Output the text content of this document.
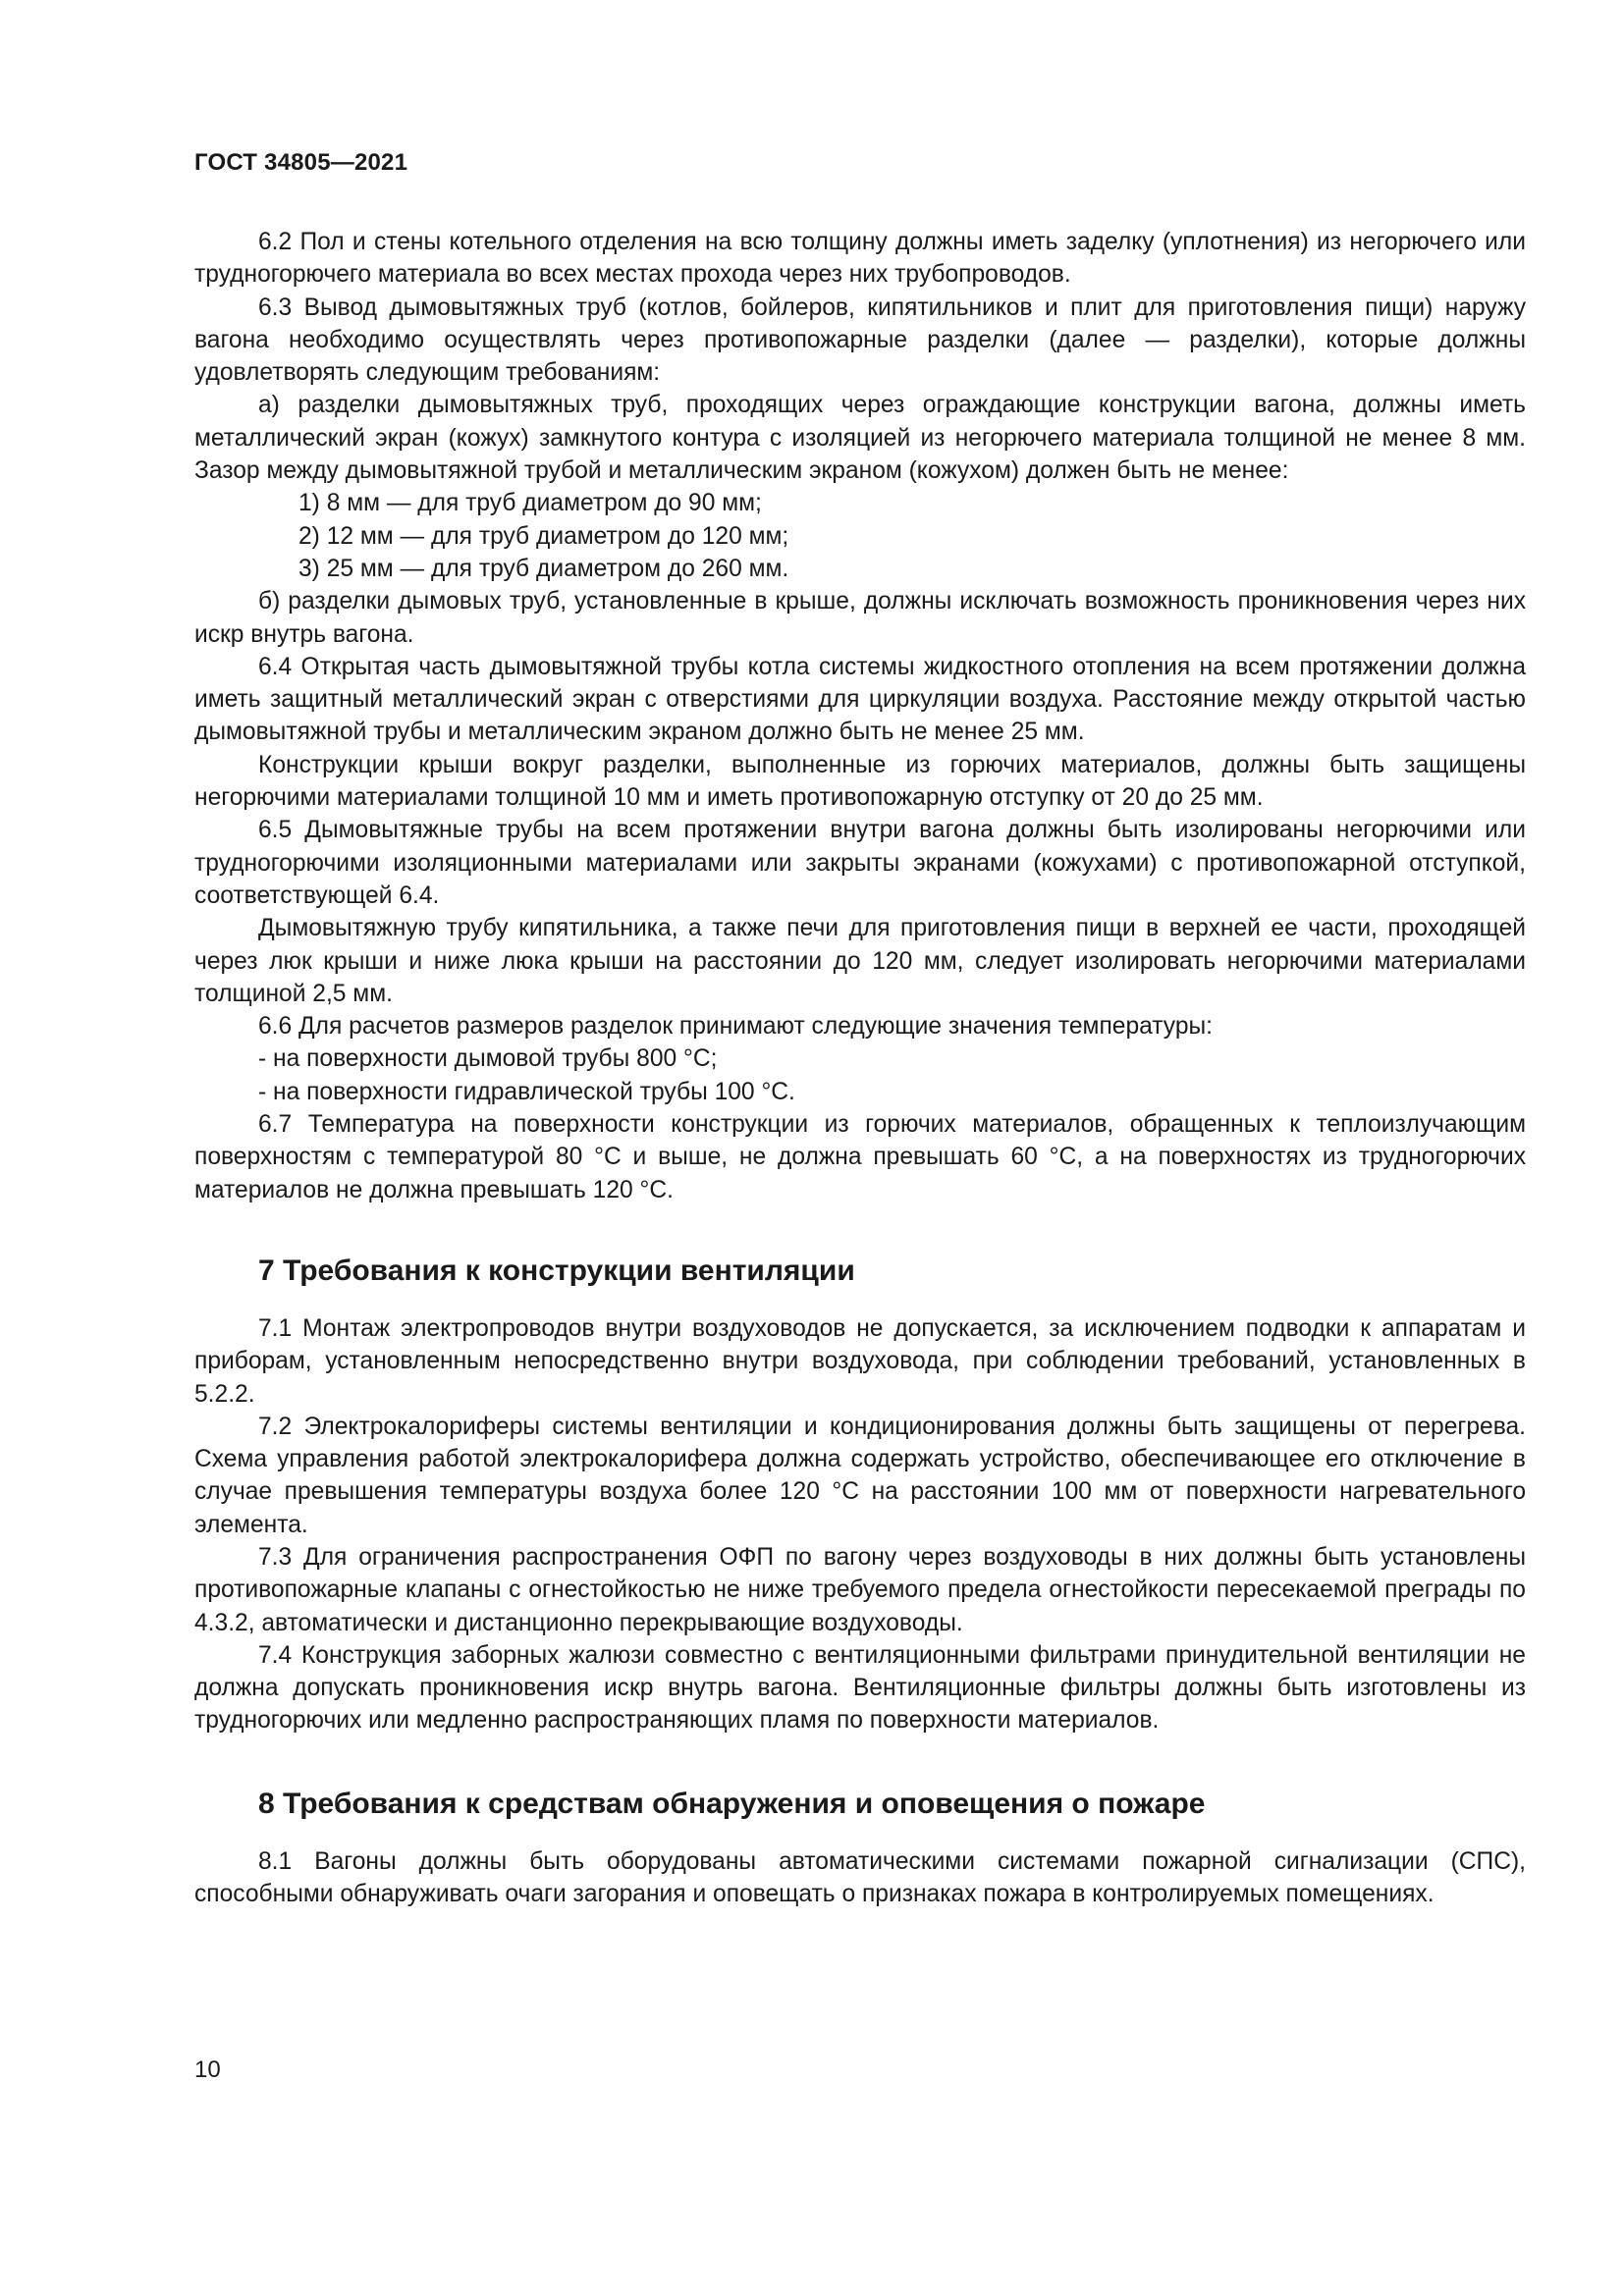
ГОСТ 34805—2021

6.2 Пол и стены котельного отделения на всю толщину должны иметь заделку (уплотнения) из негорючего или трудногорючего материала во всех местах прохода через них трубопроводов.

6.3 Вывод дымовытяжных труб (котлов, бойлеров, кипятильников и плит для приготовления пищи) наружу вагона необходимо осуществлять через противопожарные разделки (далее — разделки), которые должны удовлетворять следующим требованиям:

а) разделки дымовытяжных труб, проходящих через ограждающие конструкции вагона, должны иметь металлический экран (кожух) замкнутого контура с изоляцией из негорючего материала толщиной не менее 8 мм. Зазор между дымовытяжной трубой и металлическим экраном (кожухом) должен быть не менее:

1) 8 мм — для труб диаметром до 90 мм;

2) 12 мм — для труб диаметром до 120 мм;

3) 25 мм — для труб диаметром до 260 мм.

б) разделки дымовых труб, установленные в крыше, должны исключать возможность проникновения через них искр внутрь вагона.

6.4 Открытая часть дымовытяжной трубы котла системы жидкостного отопления на всем протяжении должна иметь защитный металлический экран с отверстиями для циркуляции воздуха. Расстояние между открытой частью дымовытяжной трубы и металлическим экраном должно быть не менее 25 мм.

Конструкции крыши вокруг разделки, выполненные из горючих материалов, должны быть защищены негорючими материалами толщиной 10 мм и иметь противопожарную отступку от 20 до 25 мм.

6.5 Дымовытяжные трубы на всем протяжении внутри вагона должны быть изолированы негорючими или трудногорючими изоляционными материалами или закрыты экранами (кожухами) с противопожарной отступкой, соответствующей 6.4.

Дымовытяжную трубу кипятильника, а также печи для приготовления пищи в верхней ее части, проходящей через люк крыши и ниже люка крыши на расстоянии до 120 мм, следует изолировать негорючими материалами толщиной 2,5 мм.

6.6 Для расчетов размеров разделок принимают следующие значения температуры:

- на поверхности дымовой трубы 800 °C;

- на поверхности гидравлической трубы 100 °C.

6.7 Температура на поверхности конструкции из горючих материалов, обращенных к теплоизлучающим поверхностям с температурой 80 °C и выше, не должна превышать 60 °C, а на поверхностях из трудногорючих материалов не должна превышать 120 °C.

7 Требования к конструкции вентиляции

7.1 Монтаж электропроводов внутри воздуховодов не допускается, за исключением подводки к аппаратам и приборам, установленным непосредственно внутри воздуховода, при соблюдении требований, установленных в 5.2.2.

7.2 Электрокалориферы системы вентиляции и кондиционирования должны быть защищены от перегрева. Схема управления работой электрокалорифера должна содержать устройство, обеспечивающее его отключение в случае превышения температуры воздуха более 120 °C на расстоянии 100 мм от поверхности нагревательного элемента.

7.3 Для ограничения распространения ОФП по вагону через воздуховоды в них должны быть установлены противопожарные клапаны с огнестойкостью не ниже требуемого предела огнестойкости пересекаемой преграды по 4.3.2, автоматически и дистанционно перекрывающие воздуховоды.

7.4 Конструкция заборных жалюзи совместно с вентиляционными фильтрами принудительной вентиляции не должна допускать проникновения искр внутрь вагона. Вентиляционные фильтры должны быть изготовлены из трудногорючих или медленно распространяющих пламя по поверхности материалов.

8 Требования к средствам обнаружения и оповещения о пожаре

8.1 Вагоны должны быть оборудованы автоматическими системами пожарной сигнализации (СПС), способными обнаруживать очаги загорания и оповещать о признаках пожара в контролируемых помещениях.

10
